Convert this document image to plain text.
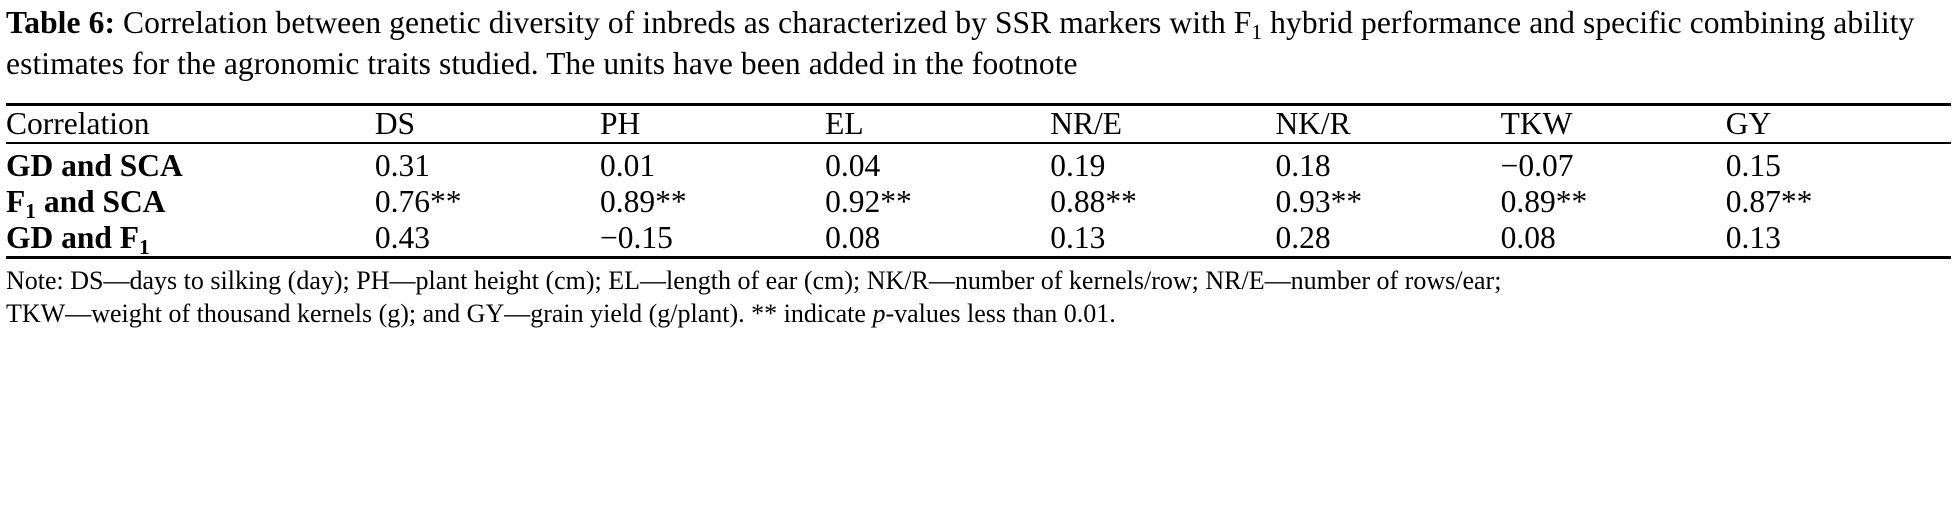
Table 6: Correlation between genetic diversity of inbreds as characterized by SSR markers with $F_1$ hybrid performance and specific combining ability estimates for the agronomic traits studied. The units have been added in the footnote

Correlation	DS	PH	EL	NR/E	NK/R	TKW	GY
GD and SCA	0.31	0.01	0.04	0.19	0.18	−0.07	0.15
$F_1$ and SCA	0.76**	0.89**	0.92**	0.88**	0.93**	0.89**	0.87**
GD and $F_1$	0.43	−0.15	0.08	0.13	0.28	0.08	0.13
Note: DS—days to silking (day); PH—plant height (cm); EL—length of ear (cm); NK/R—number of kernels/row; NR/E—number of rows/ear;
TKW—weight of thousand kernels (g); and GY—grain yield (g/plant). ** indicate p-values less than 0.01.
